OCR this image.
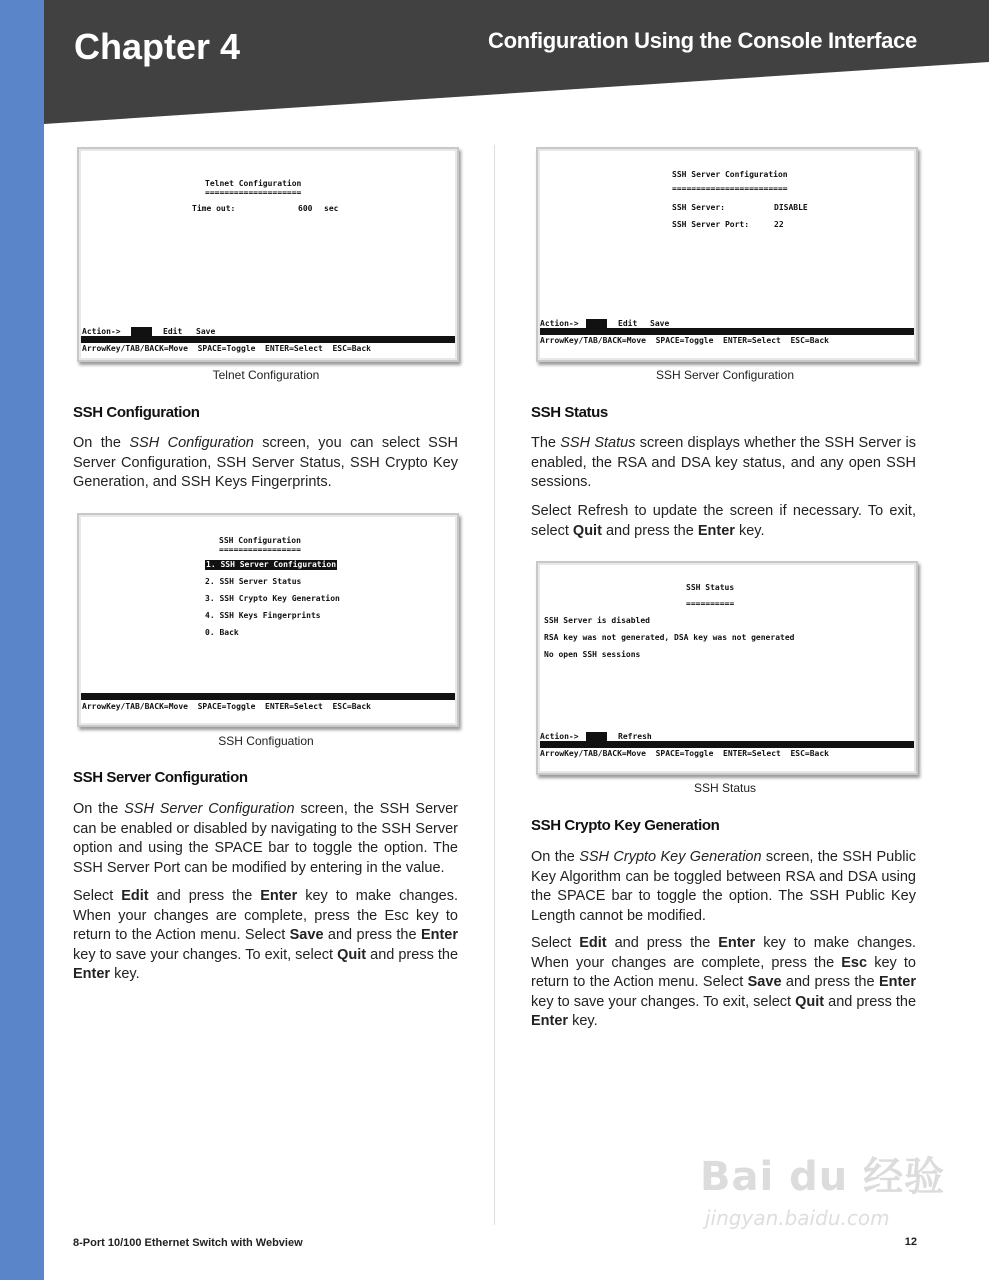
Chapter 4	Configuration Using the Console Interface
Telnet Configuration
====================
Time out:	600 sec
Action-> Quit Edit Save
ArrowKey/TAB/BACK=Move  SPACE=Toggle  ENTER=Select  ESC=Back
Telnet Configuration
SSH Server Configuration
========================
SSH Server:	DISABLE
SSH Server Port:	22
Action-> Quit Edit Save
ArrowKey/TAB/BACK=Move  SPACE=Toggle  ENTER=Select  ESC=Back
SSH Server Configuration
SSH Configuration
On the SSH Configuration screen, you can select SSH Server Configuration, SSH Server Status, SSH Crypto Key Generation, and SSH Keys Fingerprints.
SSH Configuration
=================
1. SSH Server Configuration
2. SSH Server Status
3. SSH Crypto Key Generation
4. SSH Keys Fingerprints
0. Back
ArrowKey/TAB/BACK=Move  SPACE=Toggle  ENTER=Select  ESC=Back
SSH Configuation
SSH Server Configuration
On the SSH Server Configuration screen, the SSH Server can be enabled or disabled by navigating to the SSH Server option and using the SPACE bar to toggle the option. The SSH Server Port can be modified by entering in the value.
Select Edit and press the Enter key to make changes. When your changes are complete, press the Esc key to return to the Action menu. Select Save and press the Enter key to save your changes. To exit, select Quit and press the Enter key.
SSH Status
The SSH Status screen displays whether the SSH Server is enabled, the RSA and DSA key status, and any open SSH sessions.
Select Refresh to update the screen if necessary. To exit, select Quit and press the Enter key.
SSH Status
==========
SSH Server is disabled
RSA key was not generated, DSA key was not generated
No open SSH sessions
Action-> Quit Refresh
ArrowKey/TAB/BACK=Move  SPACE=Toggle  ENTER=Select  ESC=Back
SSH Status
SSH Crypto Key Generation
On the SSH Crypto Key Generation screen, the SSH Public Key Algorithm can be toggled between RSA and DSA using the SPACE bar to toggle the option. The SSH Public Key Length cannot be modified.
Select Edit and press the Enter key to make changes. When your changes are complete, press the Esc key to return to the Action menu. Select Save and press the Enter key to save your changes. To exit, select Quit and press the Enter key.
Bai du 经验
jingyan.baidu.com
8-Port 10/100 Ethernet Switch with Webview	12
